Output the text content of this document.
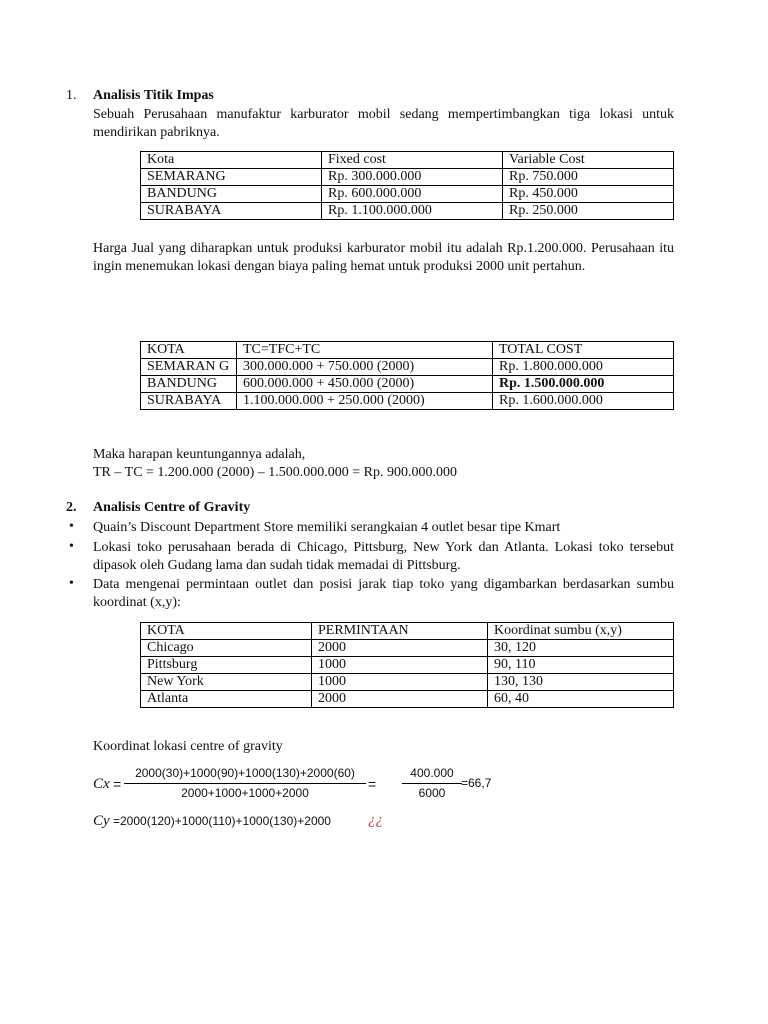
1. Analisis Titik Impas
Sebuah Perusahaan manufaktur karburator mobil sedang mempertimbangkan tiga lokasi untuk mendirikan pabriknya.
Kota	Fixed cost	Variable Cost
SEMARANG	Rp. 300.000.000	Rp. 750.000
BANDUNG	Rp. 600.000.000	Rp. 450.000
SURABAYA	Rp. 1.100.000.000	Rp. 250.000
Harga Jual yang diharapkan untuk produksi karburator mobil itu adalah Rp.1.200.000. Perusahaan itu ingin menemukan lokasi dengan biaya paling hemat untuk produksi 2000 unit pertahun.
KOTA	TC=TFC+TC	TOTAL COST
SEMARAN G	300.000.000 + 750.000 (2000)	Rp. 1.800.000.000
BANDUNG	600.000.000 + 450.000 (2000)	Rp. 1.500.000.000
SURABAYA	1.100.000.000 + 250.000 (2000)	Rp. 1.600.000.000
Maka harapan keuntungannya adalah,
TR – TC = 1.200.000 (2000) – 1.500.000.000 = Rp. 900.000.000
2. Analisis Centre of Gravity
• Quain’s Discount Department Store memiliki serangkaian 4 outlet besar tipe Kmart
• Lokasi toko perusahaan berada di Chicago, Pittsburg, New York dan Atlanta. Lokasi toko tersebut dipasok oleh Gudang lama dan sudah tidak memadai di Pittsburg.
• Data mengenai permintaan outlet dan posisi jarak tiap toko yang digambarkan berdasarkan sumbu koordinat (x,y):
KOTA	PERMINTAAN	Koordinat sumbu (x,y)
Chicago	2000	30, 120
Pittsburg	1000	90, 110
New York	1000	130, 130
Atlanta	2000	60, 40
Koordinat lokasi centre of gravity
Cx =
2000(30)+1000(90)+1000(130)+2000(60)
2000+1000+1000+2000
=
400.000
6000
=66,7
Cy =2000(120)+1000(110)+1000(130)+2000 ¿¿
